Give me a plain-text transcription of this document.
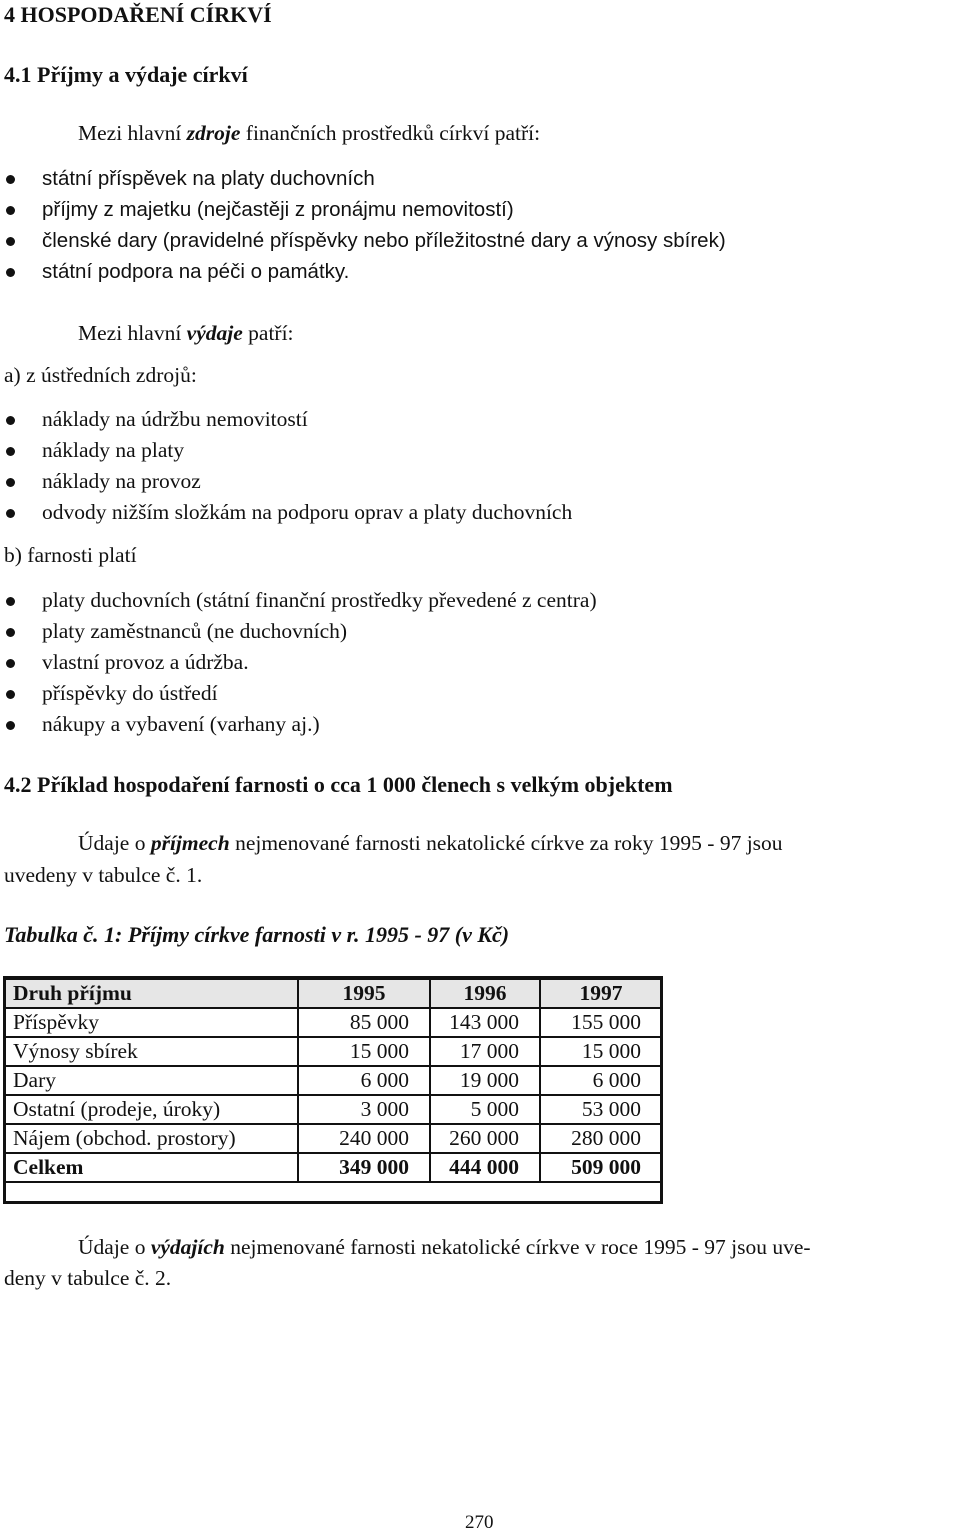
4 HOSPODAŘENÍ CÍRKVÍ
4.1 Příjmy a výdaje církví
Mezi hlavní zdroje finančních prostředků církví patří:
státní příspěvek na platy duchovních
příjmy z majetku (nejčastěji z pronájmu nemovitostí)
členské dary (pravidelné příspěvky nebo příležitostné dary a výnosy sbírek)
státní podpora na péči o památky.
Mezi hlavní výdaje patří:
a) z ústředních zdrojů:
náklady na údržbu nemovitostí
náklady na platy
náklady na provoz
odvody nižším složkám na podporu oprav a platy duchovních
b) farnosti platí
platy duchovních (státní finanční prostředky převedené z centra)
platy zaměstnanců (ne duchovních)
vlastní provoz a údržba.
příspěvky do ústředí
nákupy a vybavení (varhany aj.)
4.2 Příklad hospodaření farnosti o cca 1 000 členech s velkým objektem
Údaje o příjmech nejmenované farnosti nekatolické církve za roky 1995 - 97 jsou
uvedeny v tabulce č. 1.
Tabulka č. 1: Příjmy církve farnosti v r. 1995 - 97 (v Kč)
Druh příjmu	1995	1996	1997
Příspěvky	85 000	143 000	155 000
Výnosy sbírek	15 000	17 000	15 000
Dary	6 000	19 000	6 000
Ostatní (prodeje, úroky)	3 000	5 000	53 000
Nájem (obchod. prostory)	240 000	260 000	280 000
Celkem	349 000	444 000	509 000
Údaje o výdajích nejmenované farnosti nekatolické církve v roce 1995 - 97 jsou uve-
deny v tabulce č. 2.
270
